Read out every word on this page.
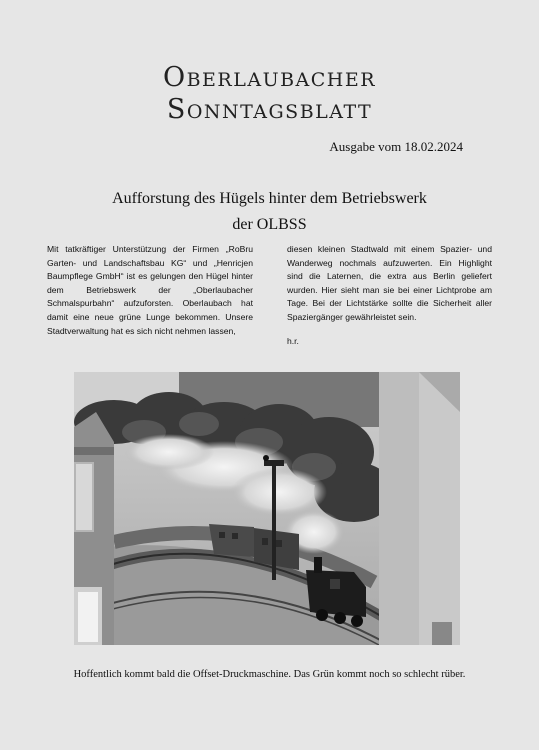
Oberlaubacher
Sonntagsblatt
Ausgabe vom 18.02.2024
Aufforstung des Hügels hinter dem Betriebswerk
der OLBSS

Mit tatkräftiger Unterstützung der Firmen „RoBru Garten- und Landschaftsbau KG“ und „Henricjen Baumpflege GmbH“ ist es gelungen den Hügel hinter dem Betriebswerk der „Oberlaubacher Schmalspurbahn“ aufzuforsten. Oberlaubach hat damit eine neue grüne Lunge bekommen. Unsere Stadtverwaltung hat es sich nicht nehmen lassen,

diesen kleinen Stadtwald mit einem Spazier- und Wanderweg nochmals aufzuwerten. Ein Highlight sind die Laternen, die extra aus Berlin geliefert wurden. Hier sieht man sie bei einer Lichtprobe am Tage. Bei der Lichtstärke sollte die Sicherheit aller Spaziergänger gewährleistet sein.

h.r.

Hoffentlich kommt bald die Offset-Druckmaschine. Das Grün kommt noch so schlecht rüber.
